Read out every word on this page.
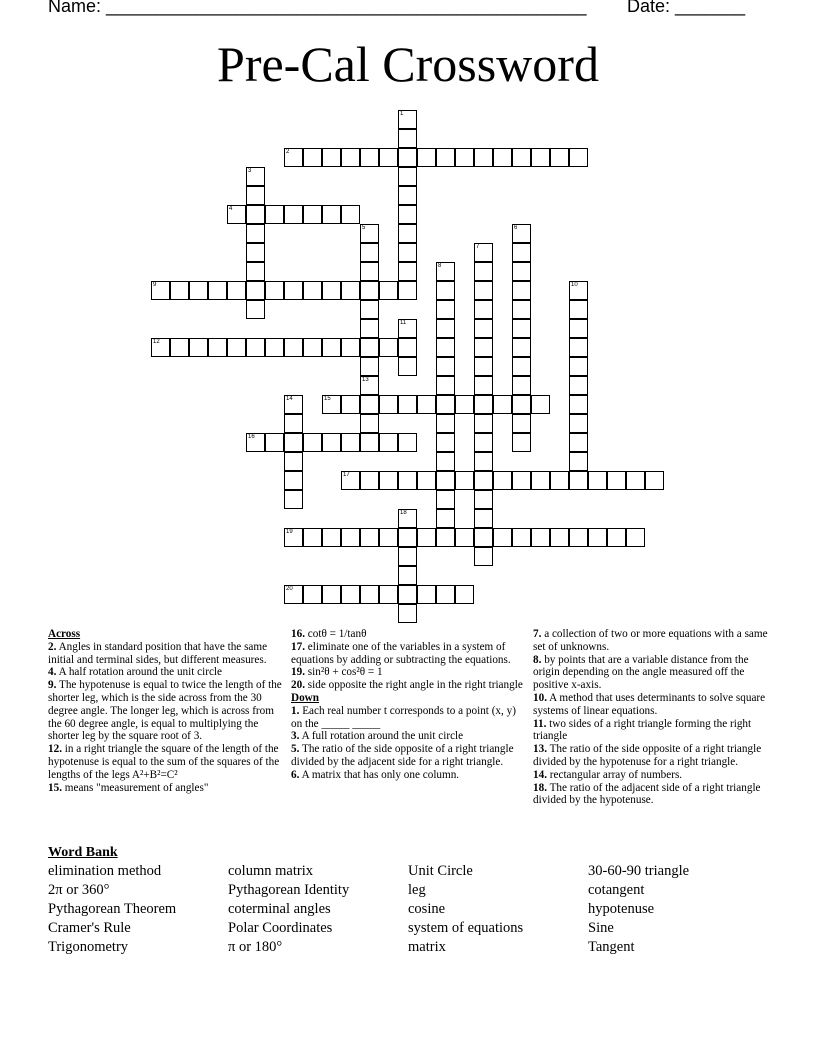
Name: ________________________________________________ Date: _______
Pre-Cal Crossword
1
2
3
4
5	6
7
8
9	10
11
12
13
14	15
16
17
18
19
20

Across

2. Angles in standard position that have the same initial and terminal sides, but different measures.

4. A half rotation around the unit circle

9. The hypotenuse is equal to twice the length of the shorter leg, which is the side across from the 30 degree angle. The longer leg, which is across from the 60 degree angle, is equal to multiplying the shorter leg by the square root of 3.

12. in a right triangle the square of the length of the hypotenuse is equal to the sum of the squares of the lengths of the legs A²+B²=C²

15. means "measurement of angles"

16. cotθ = 1/tanθ

17. eliminate one of the variables in a system of equations by adding or subtracting the equations.

19. sin²θ + cos²θ = 1

20. side opposite the right angle in the right triangle

Down

1. Each real number t corresponds to a point (x, y) on the _____ _____

3. A full rotation around the unit circle

5. The ratio of the side opposite of a right triangle divided by the adjacent side for a right triangle.

6. A matrix that has only one column.

7. a collection of two or more equations with a same set of unknowns.

8. by points that are a variable distance from the origin depending on the angle measured off the positive x-axis.

10. A method that uses determinants to solve square systems of linear equations.

11. two sides of a right triangle forming the right triangle

13. The ratio of the side opposite of a right triangle divided by the hypotenuse for a right triangle.

14. rectangular array of numbers.

18. The ratio of the adjacent side of a right triangle divided by the hypotenuse.

Word Bank
elimination method
2π or 360°
Pythagorean Theorem
Cramer's Rule
Trigonometry
column matrix
Pythagorean Identity
coterminal angles
Polar Coordinates
π or 180°
Unit Circle
leg
cosine
system of equations
matrix
30-60-90 triangle
cotangent
hypotenuse
Sine
Tangent
